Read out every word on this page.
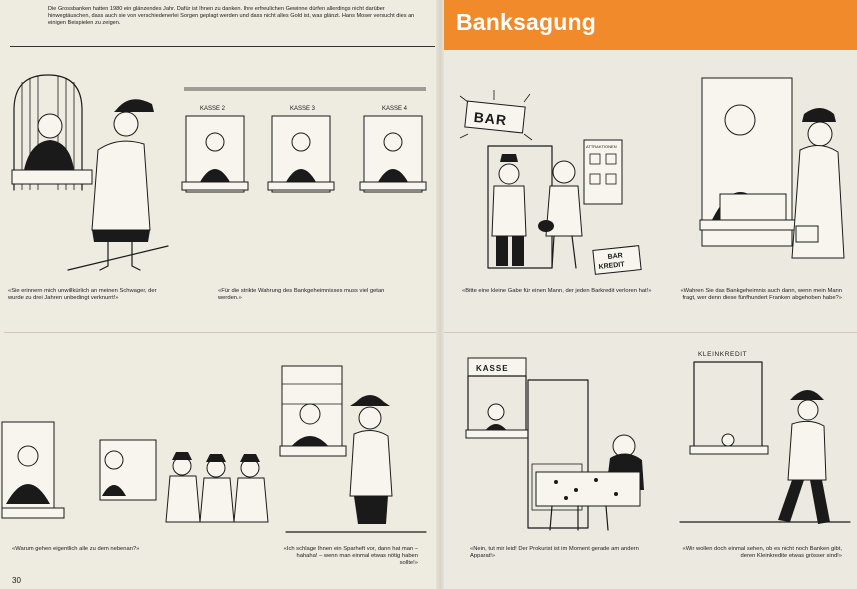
Die Grossbanken hatten 1980 ein glänzendes Jahr. Dafür ist Ihnen zu danken. Ihre erfreulichen Gewinne dürfen allerdings nicht darüber hinwegtäuschen, dass auch sie von verschiedenerlei Sorgen geplagt werden und dass nicht alles Gold ist, was glänzt. Hans Moser versucht dies an einigen Beispielen zu zeigen.	Banksagung
KASSE 2	KASSE 3	KASSE 4

«Sie erinnern mich unwillkürlich an meinen Schwager, der wurde zu drei Jahren unbedingt verknurrt!»

«Für die strikte Wahrung des Bankgeheimnisses muss viel getan werden.»

«Warum gehen eigentlich alle zu dem nebenan?»	«Ich schlage Ihnen ein Sparheft vor, dann hat man – hahaha! – wenn man einmal etwas nötig haben sollte!»

BAR
ATTRAKTIONEN
BAR
KREDIT

«Bitte eine kleine Gabe für einen Mann, der jeden Barkredit verloren hat!»	«Wahren Sie das Bankgeheimnis auch dann, wenn mein Mann fragt, wer denn diese fünfhundert Franken abgehoben habe?»

KASSE
KLEINKREDIT

«Nein, tut mir leid! Der Prokurist ist im Moment gerade am andern Apparat!»

«Wir wollen doch einmal sehen, ob es nicht noch Banken gibt, deren Kleinkredite etwas grösser sind!»

30
